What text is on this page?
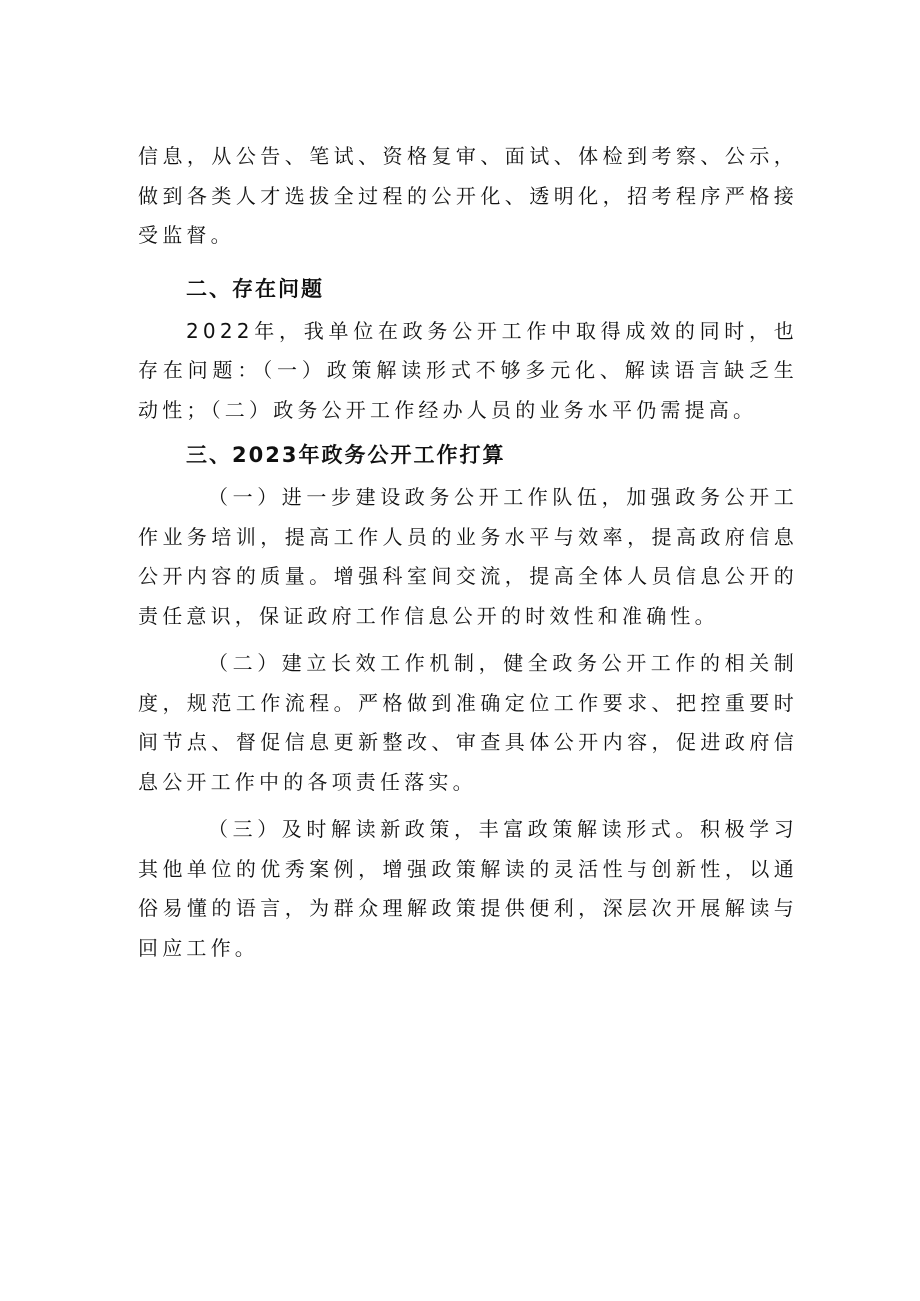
信息，从公告、笔试、资格复审、面试、体检到考察、公示，做到各类人才选拔全过程的公开化、透明化，招考程序严格接受监督。

二、存在问题

2022年，我单位在政务公开工作中取得成效的同时，也存在问题：（一）政策解读形式不够多元化、解读语言缺乏生动性；（二）政务公开工作经办人员的业务水平仍需提高。

三、2023年政务公开工作打算

（一）进一步建设政务公开工作队伍，加强政务公开工作业务培训，提高工作人员的业务水平与效率，提高政府信息公开内容的质量。增强科室间交流，提高全体人员信息公开的责任意识，保证政府工作信息公开的时效性和准确性。

（二）建立长效工作机制，健全政务公开工作的相关制度，规范工作流程。严格做到准确定位工作要求、把控重要时间节点、督促信息更新整改、审查具体公开内容，促进政府信息公开工作中的各项责任落实。

（三）及时解读新政策，丰富政策解读形式。积极学习其他单位的优秀案例，增强政策解读的灵活性与创新性，以通俗易懂的语言，为群众理解政策提供便利，深层次开展解读与回应工作。
